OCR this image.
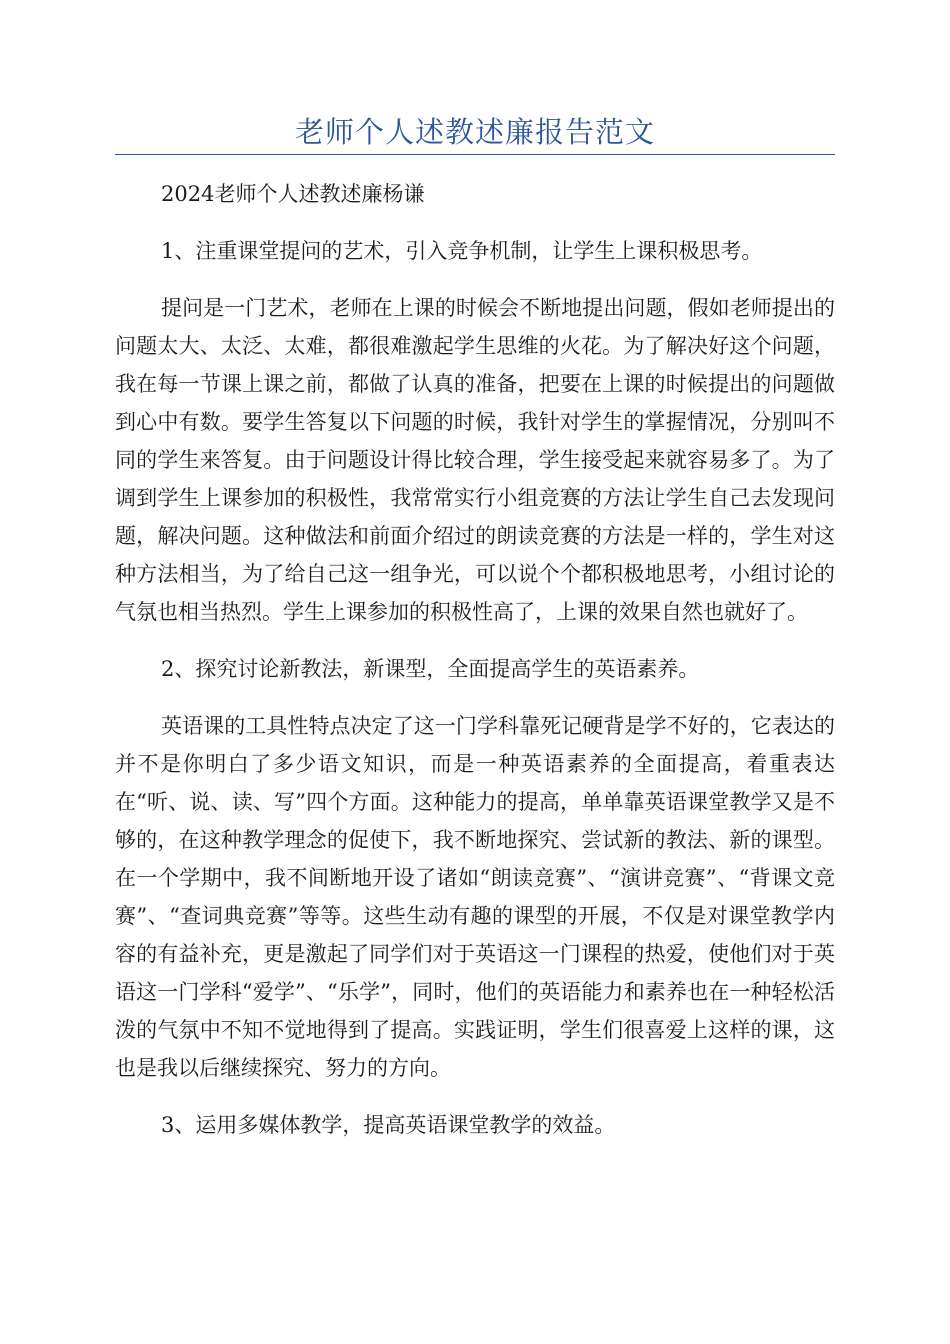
老师个人述教述廉报告范文

2024老师个人述教述廉杨谦

1、注重课堂提问的艺术，引入竞争机制，让学生上课积极思考。

提问是一门艺术，老师在上课的时候会不断地提出问题，假如老师提出的问题太大、太泛、太难，都很难激起学生思维的火花。为了解决好这个问题，我在每一节课上课之前，都做了认真的准备，把要在上课的时候提出的问题做到心中有数。要学生答复以下问题的时候，我针对学生的掌握情况，分别叫不同的学生来答复。由于问题设计得比较合理，学生接受起来就容易多了。为了调到学生上课参加的积极性，我常常实行小组竞赛的方法让学生自己去发现问题，解决问题。这种做法和前面介绍过的朗读竞赛的方法是一样的，学生对这种方法相当，为了给自己这一组争光，可以说个个都积极地思考，小组讨论的气氛也相当热烈。学生上课参加的积极性高了，上课的效果自然也就好了。

2、探究讨论新教法，新课型，全面提高学生的英语素养。

英语课的工具性特点决定了这一门学科靠死记硬背是学不好的，它表达的并不是你明白了多少语文知识，而是一种英语素养的全面提高，着重表达在“听、说、读、写”四个方面。这种能力的提高，单单靠英语课堂教学又是不够的，在这种教学理念的促使下，我不断地探究、尝试新的教法、新的课型。在一个学期中，我不间断地开设了诸如“朗读竞赛”、“演讲竞赛”、“背课文竞赛”、“查词典竞赛”等等。这些生动有趣的课型的开展，不仅是对课堂教学内容的有益补充，更是激起了同学们对于英语这一门课程的热爱，使他们对于英语这一门学科“爱学”、“乐学”，同时，他们的英语能力和素养也在一种轻松活泼的气氛中不知不觉地得到了提高。实践证明，学生们很喜爱上这样的课，这也是我以后继续探究、努力的方向。

3、运用多媒体教学，提高英语课堂教学的效益。
